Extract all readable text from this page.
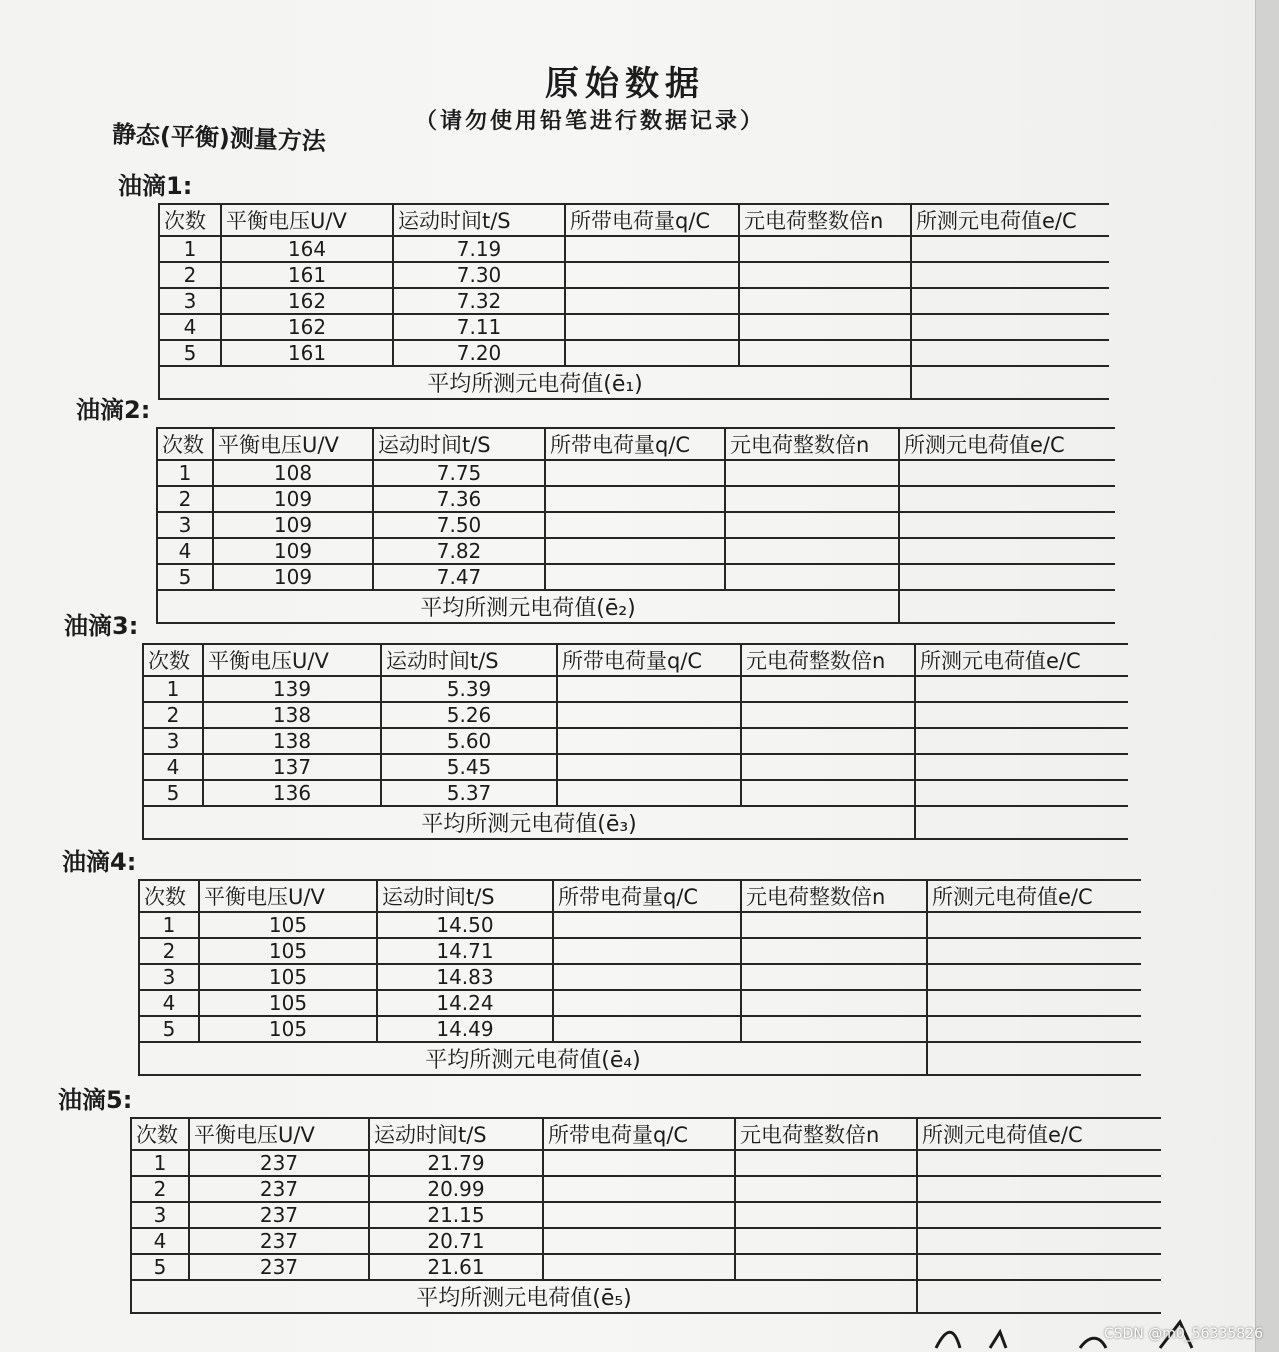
原始数据
（请勿使用铅笔进行数据记录）
静态(平衡)测量方法
油滴1:
次数	平衡电压U/V	运动时间t/S	所带电荷量q/C	元电荷整数倍n	所测元电荷值e/C
1	164	7.19			
2	161	7.30			
3	162	7.32			
4	162	7.11			
5	161	7.20			
平均所测元电荷值(ē₁)					
油滴2:
次数	平衡电压U/V	运动时间t/S	所带电荷量q/C	元电荷整数倍n	所测元电荷值e/C
1	108	7.75			
2	109	7.36			
3	109	7.50			
4	109	7.82			
5	109	7.47			
平均所测元电荷值(ē₂)					
油滴3:
次数	平衡电压U/V	运动时间t/S	所带电荷量q/C	元电荷整数倍n	所测元电荷值e/C
1	139	5.39			
2	138	5.26			
3	138	5.60			
4	137	5.45			
5	136	5.37			
平均所测元电荷值(ē₃)					
油滴4:
次数	平衡电压U/V	运动时间t/S	所带电荷量q/C	元电荷整数倍n	所测元电荷值e/C
1	105	14.50			
2	105	14.71			
3	105	14.83			
4	105	14.24			
5	105	14.49			
平均所测元电荷值(ē₄)					
油滴5:
次数	平衡电压U/V	运动时间t/S	所带电荷量q/C	元电荷整数倍n	所测元电荷值e/C
1	237	21.79			
2	237	20.99			
3	237	21.15			
4	237	20.71			
5	237	21.61			
平均所测元电荷值(ē₅)					
CSDN @m0_56335826
